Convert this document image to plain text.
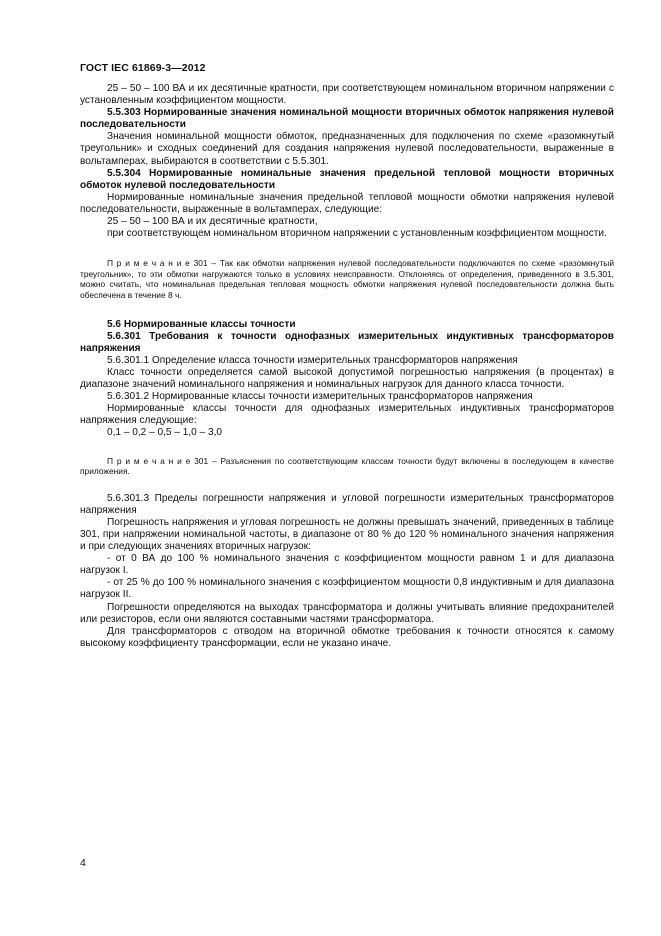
ГОСТ IEC 61869-3—2012

25 – 50 – 100 ВА и их десятичные кратности, при соответствующем номинальном вторичном напряжении с установленным коэффициентом мощности.

5.5.303 Нормированные значения номинальной мощности вторичных обмоток напряжения нулевой последовательности

Значения номинальной мощности обмоток, предназначенных для подключения по схеме «разомкнутый треугольник» и сходных соединений для создания напряжения нулевой последовательности, выраженные в вольтамперах, выбираются в соответствии с 5.5.301.

5.5.304 Нормированные номинальные значения предельной тепловой мощности вторичных обмоток нулевой последовательности

Нормированные номинальные значения предельной тепловой мощности обмотки напряжения нулевой последовательности, выраженные в вольтамперах, следующие:

25 – 50 – 100 ВА и их десятичные кратности,

при соответствующем номинальном вторичном напряжении с установленным коэффициентом мощности.

П р и м е ч а н и е 301 – Так как обмотки напряжения нулевой последовательности подключаются по схеме «разомкнутый треугольник», то эти обмотки нагружаются только в условиях неисправности. Отклоняясь от определения, приведенного в 3.5.301, можно считать, что номинальная предельная тепловая мощность обмотки напряжения нулевой последовательности должна быть обеспечена в течение 8 ч.

5.6 Нормированные классы точности

5.6.301 Требования к точности однофазных измерительных индуктивных трансформаторов напряжения

5.6.301.1 Определение класса точности измерительных трансформаторов напряжения

Класс точности определяется самой высокой допустимой погрешностью напряжения (в процентах) в диапазоне значений номинального напряжения и номинальных нагрузок для данного класса точности.

5.6.301.2 Нормированные классы точности измерительных трансформаторов напряжения

Нормированные классы точности для однофазных измерительных индуктивных трансформаторов напряжения следующие:

0,1 – 0,2 – 0,5 – 1,0 – 3,0

П р и м е ч а н и е 301 – Разъяснения по соответствующим классам точности будут включены в последующем в качестве приложения.

5.6.301.3 Пределы погрешности напряжения и угловой погрешности измерительных трансформаторов напряжения

Погрешность напряжения и угловая погрешность не должны превышать значений, приведенных в таблице 301, при напряжении номинальной частоты, в диапазоне от 80 % до 120 % номинального значения напряжения и при следующих значениях вторичных нагрузок:

- от 0 ВА до 100 % номинального значения с коэффициентом мощности равном 1 и для диапазона нагрузок I.

- от 25 % до 100 % номинального значения с коэффициентом мощности 0,8 индуктивным и для диапазона нагрузок II.

Погрешности определяются на выходах трансформатора и должны учитывать влияние предохранителей или резисторов, если они являются составными частями трансформатора.

Для трансформаторов с отводом на вторичной обмотке требования к точности относятся к самому высокому коэффициенту трансформации, если не указано иначе.

4
